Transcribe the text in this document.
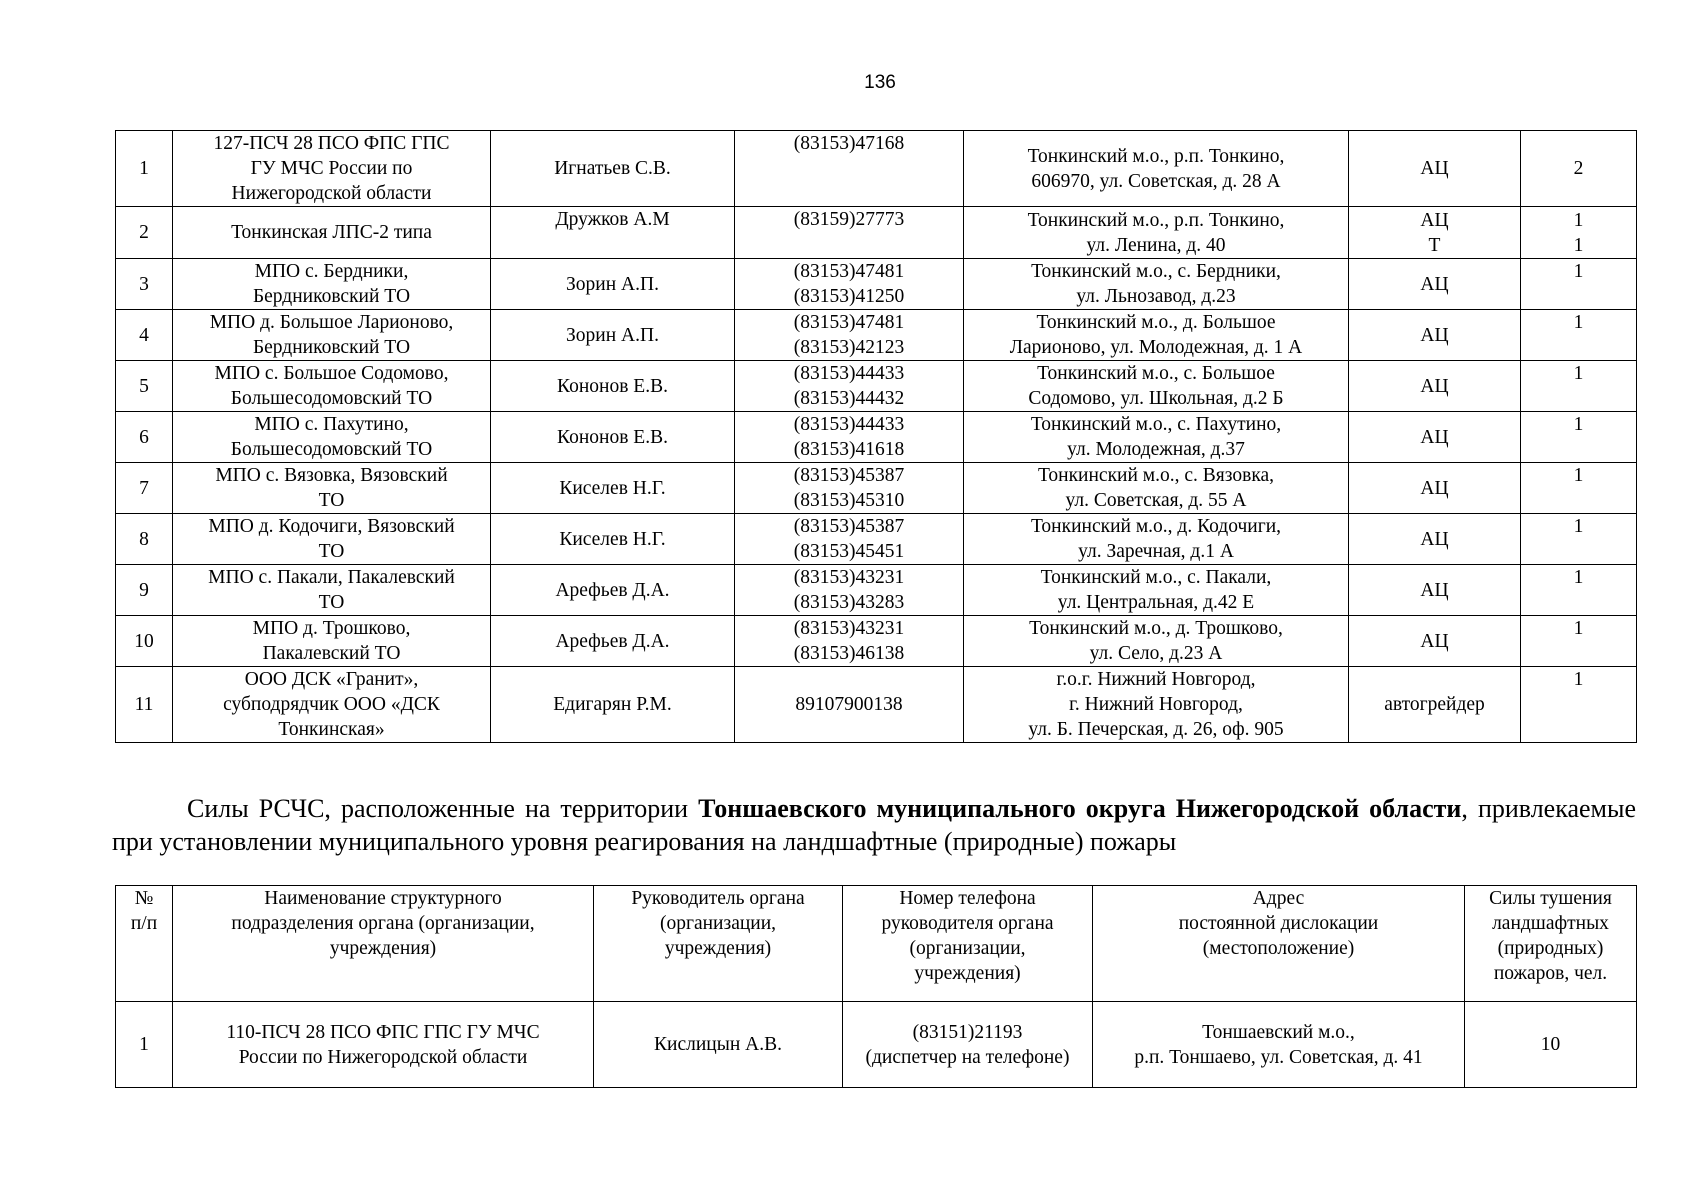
136
1	127-ПСЧ 28 ПСО ФПС ГПС
ГУ МЧС России по
Нижегородской области	Игнатьев С.В.	(83153)47168	Тонкинский м.о., р.п. Тонкино,
606970, ул. Советская, д. 28 А	АЦ	2

2	Тонкинская ЛПС-2 типа	Дружков А.М	(83159)27773	Тонкинский м.о., р.п. Тонкино,
ул. Ленина, д. 40	АЦ
Т	1
1

3	МПО с. Бердники,
Бердниковский ТО	Зорин А.П.	(83153)47481
(83153)41250	Тонкинский м.о., с. Бердники,
ул. Льнозавод, д.23	АЦ	1

4	МПО д. Большое Ларионово,
Бердниковский ТО	Зорин А.П.	(83153)47481
(83153)42123	Тонкинский м.о., д. Большое
Ларионово, ул. Молодежная, д. 1 А	АЦ	1

5	МПО с. Большое Содомово,
Большесодомовский ТО	Кононов Е.В.	(83153)44433
(83153)44432	Тонкинский м.о., с. Большое
Содомово, ул. Школьная, д.2 Б	АЦ	1

6	МПО с. Пахутино,
Большесодомовский ТО	Кононов Е.В.	(83153)44433
(83153)41618	Тонкинский м.о., с. Пахутино,
ул. Молодежная, д.37	АЦ	1

7	МПО с. Вязовка, Вязовский
ТО	Киселев Н.Г.	(83153)45387
(83153)45310	Тонкинский м.о., с. Вязовка,
ул. Советская, д. 55 А	АЦ	1

8	МПО д. Кодочиги, Вязовский
ТО	Киселев Н.Г.	(83153)45387
(83153)45451	Тонкинский м.о., д. Кодочиги,
ул. Заречная, д.1 А	АЦ	1

9	МПО с. Пакали, Пакалевский
ТО	Арефьев Д.А.	(83153)43231
(83153)43283	Тонкинский м.о., с. Пакали,
ул. Центральная, д.42 Е	АЦ	1

10	МПО д. Трошково,
Пакалевский ТО	Арефьев Д.А.	(83153)43231
(83153)46138	Тонкинский м.о., д. Трошково,
ул. Село, д.23 А	АЦ	1

11	ООО ДСК «Гранит»,
субподрядчик ООО «ДСК
Тонкинская»	Едигарян Р.М.	89107900138	г.о.г. Нижний Новгород,
г. Нижний Новгород,
ул. Б. Печерская, д. 26, оф. 905	автогрейдер	1

Силы РСЧС, расположенные на территории Тоншаевского муниципального округа Нижегородской области, привлекаемые при установлении муниципального уровня реагирования на ландшафтные (природные) пожары

№
п/п	Наименование структурного
подразделения органа (организации,
учреждения)	Руководитель органа
(организации,
учреждения)	Номер телефона
руководителя органа
(организации,
учреждения)	Адрес
постоянной дислокации
(местоположение)	Силы тушения
ландшафтных
(природных)
пожаров, чел.

1	110-ПСЧ 28 ПСО ФПС ГПС ГУ МЧС
России по Нижегородской области	Кислицын А.В.	(83151)21193
(диспетчер на телефоне)	Тоншаевский м.о.,
р.п. Тоншаево, ул. Советская, д. 41	10
